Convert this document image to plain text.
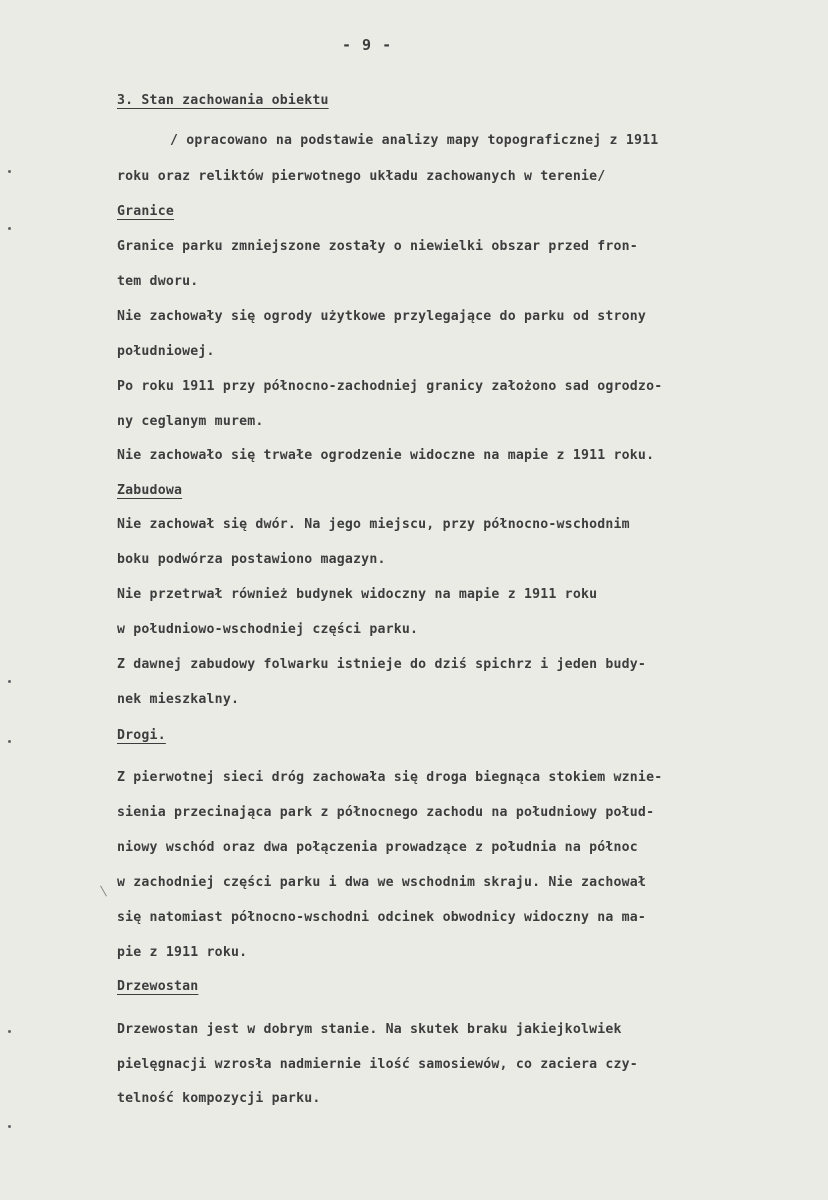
- 9 -

3. Stan zachowania obiektu

/ opracowano na podstawie analizy mapy topograficznej z 1911

roku oraz reliktów pierwotnego układu zachowanych w terenie/

Granice

Granice parku zmniejszone zostały o niewielki obszar przed fron-

tem dworu.

Nie zachowały się ogrody użytkowe przylegające do parku od strony

południowej.

Po roku 1911 przy północno-zachodniej granicy założono sad ogrodzo-

ny ceglanym murem.

Nie zachowało się trwałe ogrodzenie widoczne na mapie z 1911 roku.

Zabudowa

Nie zachował się dwór. Na jego miejscu, przy północno-wschodnim

boku podwórza postawiono magazyn.

Nie przetrwał również budynek widoczny na mapie z 1911 roku

w południowo-wschodniej części parku.

Z dawnej zabudowy folwarku istnieje do dziś spichrz i jeden budy-

nek mieszkalny.

Drogi.

Z pierwotnej sieci dróg zachowała się droga biegnąca stokiem wznie-

sienia przecinająca park z północnego zachodu na południowy połud-

niowy wschód oraz dwa połączenia prowadzące z południa na północ

w zachodniej części parku i dwa we wschodnim skraju. Nie zachował

się natomiast północno-wschodni odcinek obwodnicy widoczny na ma-

pie z 1911 roku.

Drzewostan

Drzewostan jest w dobrym stanie. Na skutek braku jakiejkolwiek

pielęgnacji wzrosła nadmiernie ilość samosiewów, co zaciera czy-

telność kompozycji parku.
